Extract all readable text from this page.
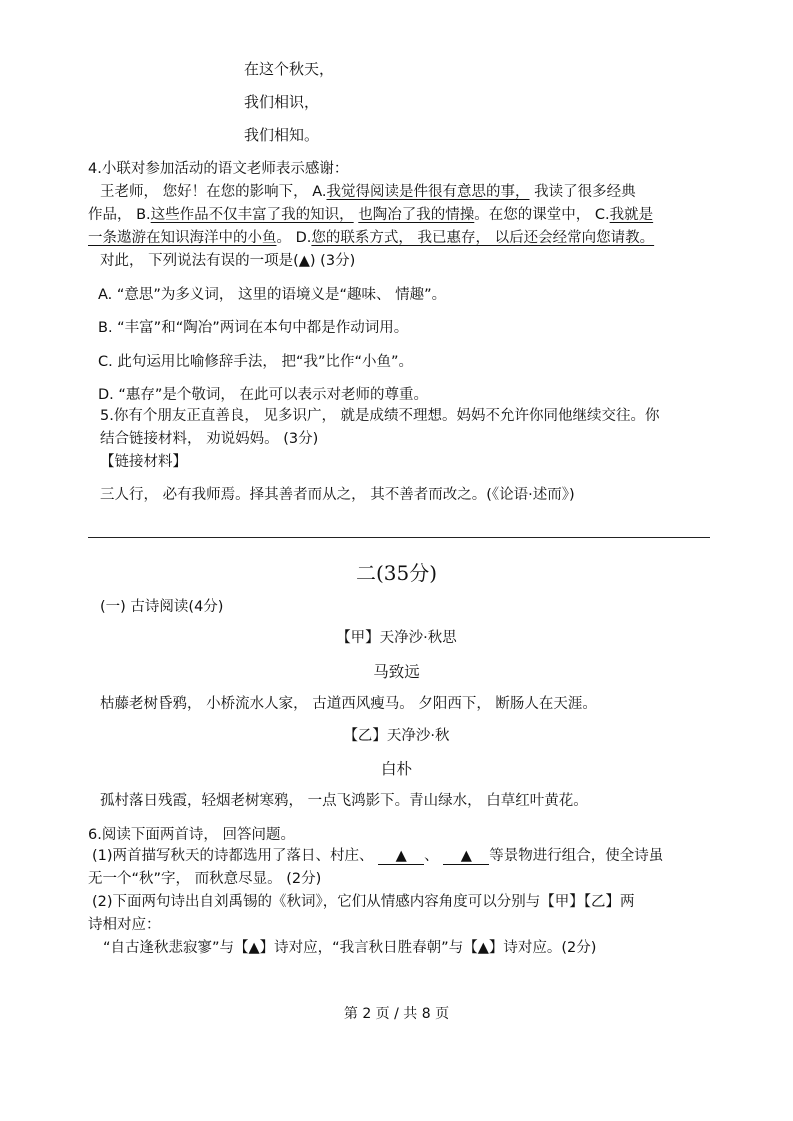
在这个秋天，
我们相识，
我们相知。
4.小联对参加活动的语文老师表示感谢：
王老师， 您好！在您的影响下， A.我觉得阅读是件很有意思的事， 我读了很多经典
作品， B.这些作品不仅丰富了我的知识， 也陶冶了我的情操。在您的课堂中， C.我就是
一条遨游在知识海洋中的小鱼。 D.您的联系方式， 我已惠存， 以后还会经常向您请教。
对此， 下列说法有误的一项是(▲) (3分)
A. “意思”为多义词， 这里的语境义是“趣味、 情趣”。
B. “丰富”和“陶冶”两词在本句中都是作动词用。
C. 此句运用比喻修辞手法， 把“我”比作“小鱼”。
D. “惠存”是个敬词， 在此可以表示对老师的尊重。
5.你有个朋友正直善良， 见多识广， 就是成绩不理想。妈妈不允许你同他继续交往。你
结合链接材料， 劝说妈妈。 (3分)
【链接材料】
三人行， 必有我师焉。择其善者而从之， 其不善者而改之。(《论语·述而》)
二(35分)
(一) 古诗阅读(4分)
【甲】天净沙·秋思
马致远
枯藤老树昏鸦， 小桥流水人家， 古道西风瘦马。 夕阳西下， 断肠人在天涯。
【乙】天净沙·秋
白朴
孤村落日残霞，轻烟老树寒鸦， 一点飞鸿影下。青山绿水， 白草红叶黄花。
6.阅读下面两首诗， 回答问题。
(1)两首描写秋天的诗都选用了落日、村庄、 ▲ 、 ▲ 等景物进行组合，使全诗虽
无一个“秋”字， 而秋意尽显。 (2分)
(2)下面两句诗出自刘禹锡的《秋词》，它们从情感内容角度可以分别与【甲】【乙】两
诗相对应：
“自古逢秋悲寂寥”与【▲】诗对应，“我言秋日胜春朝”与【▲】诗对应。(2分)
第 2 页 / 共 8 页
